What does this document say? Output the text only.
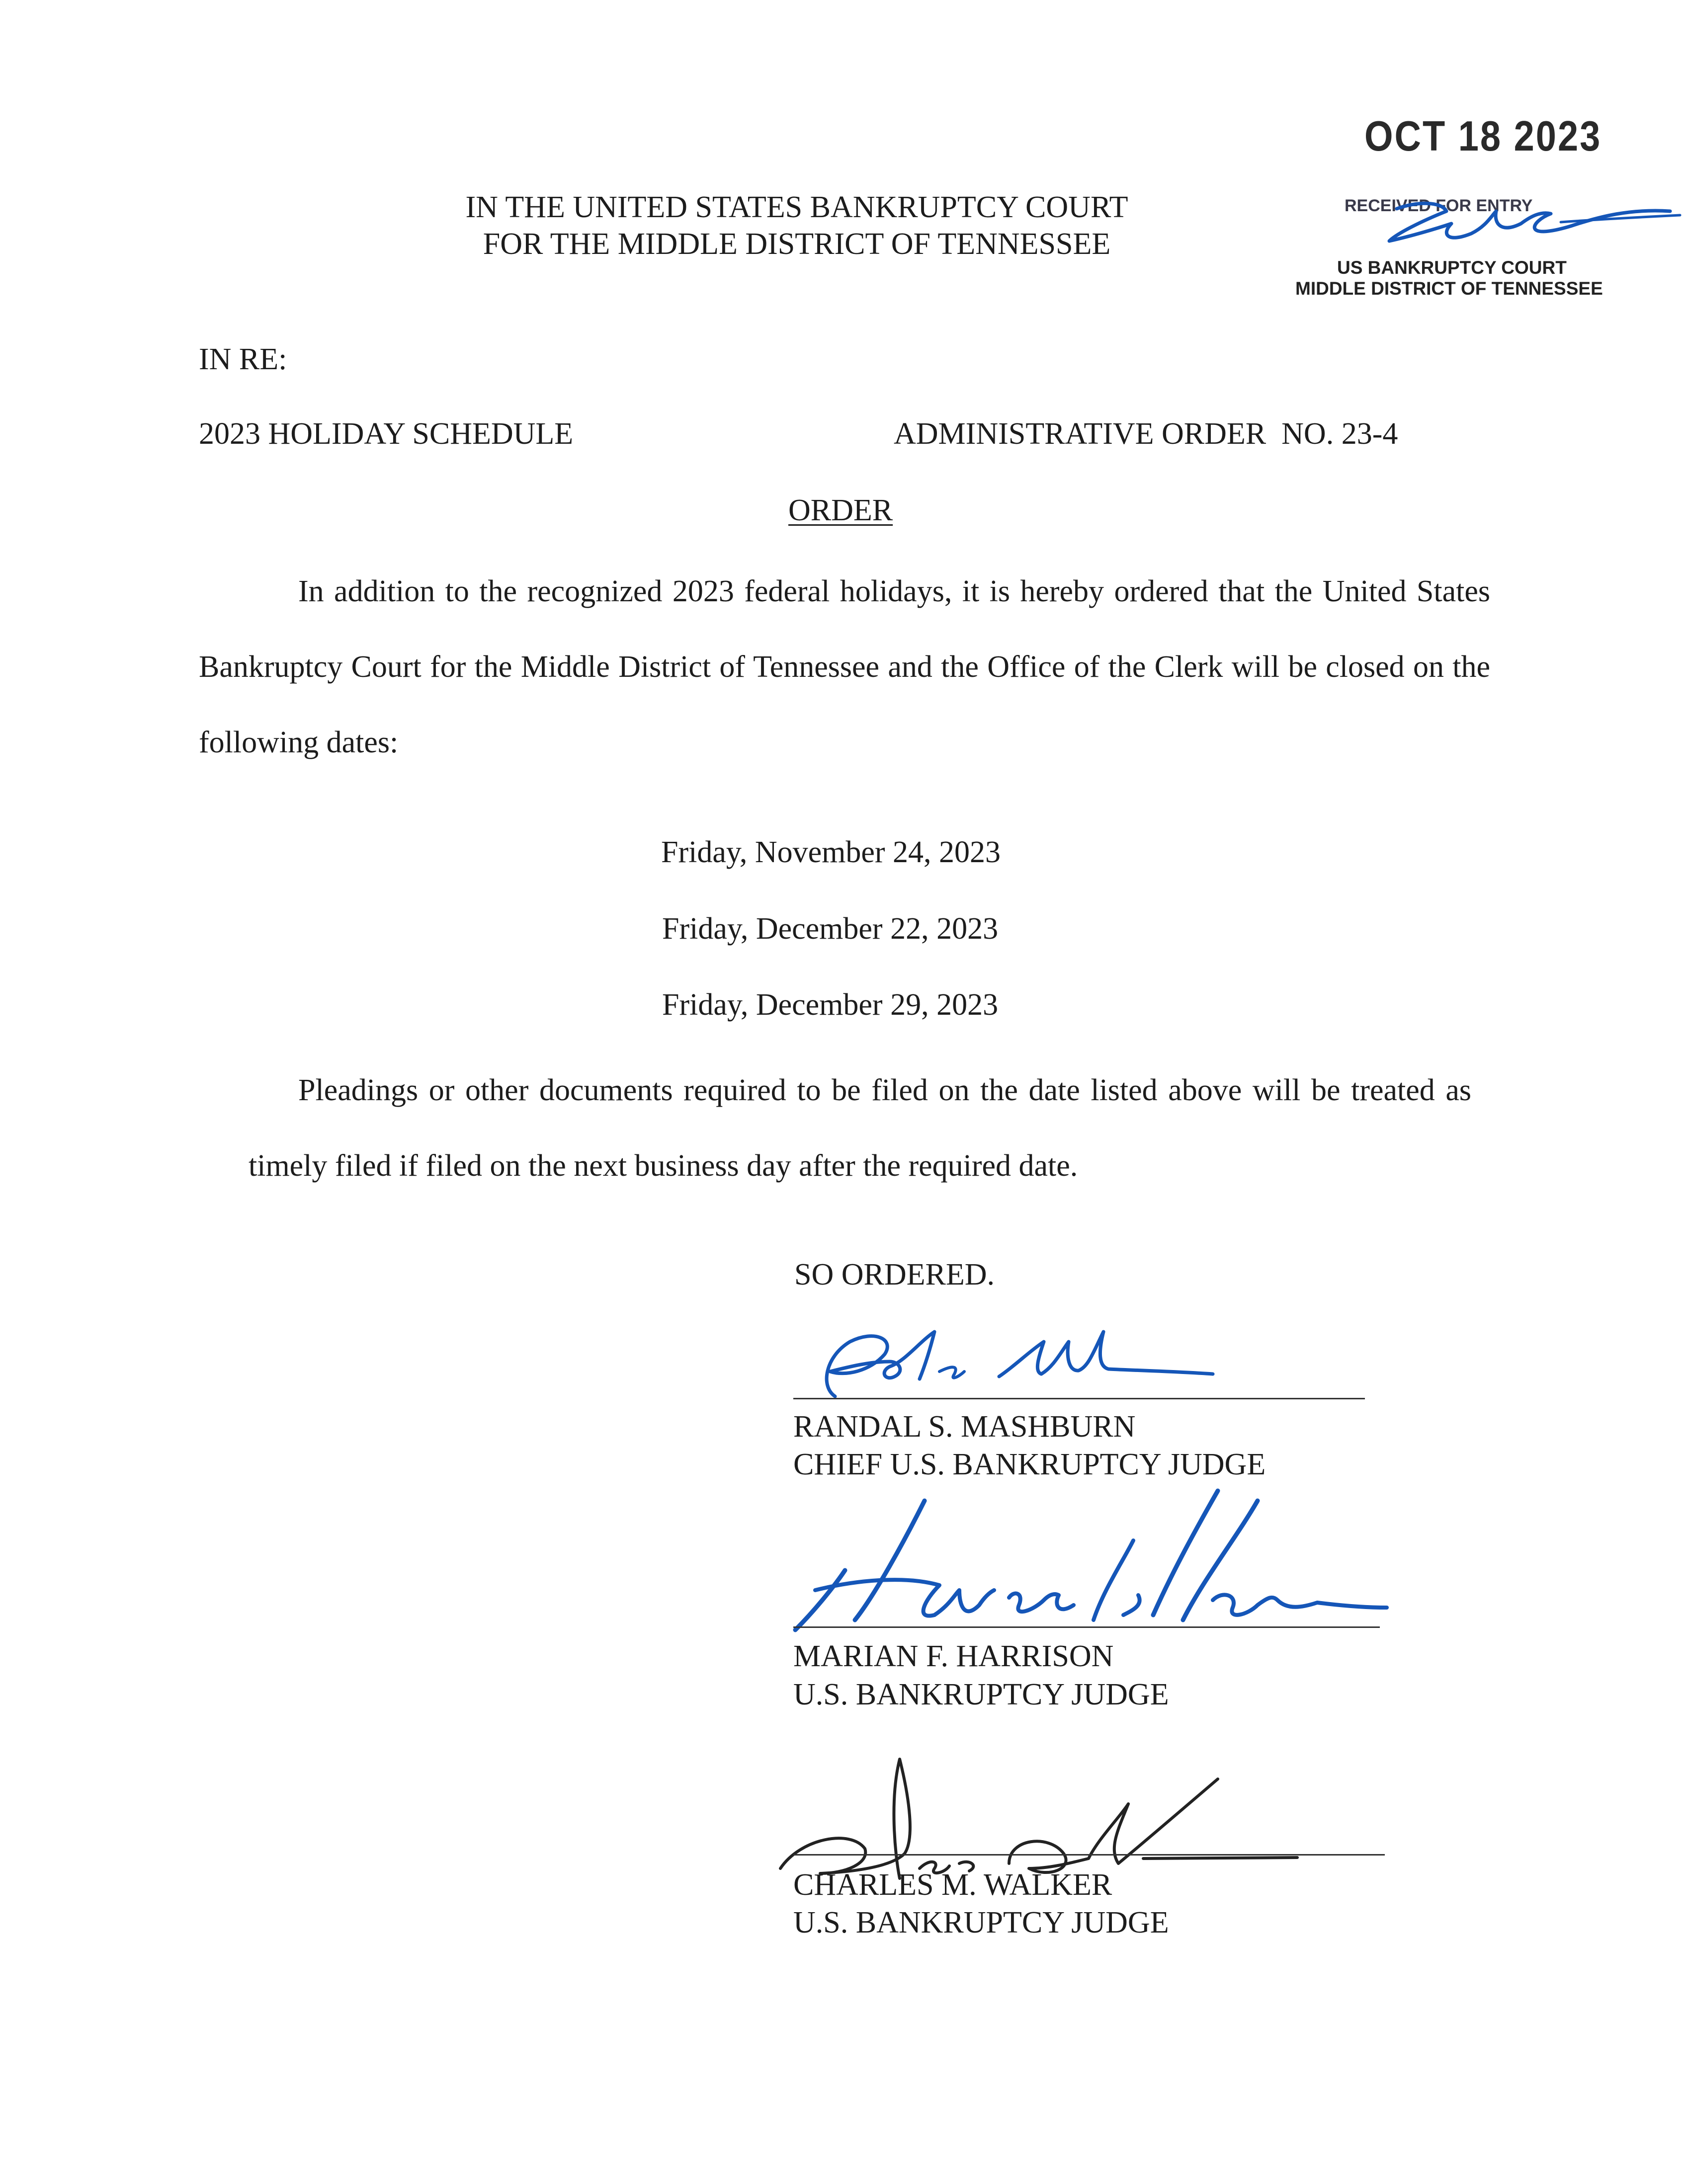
OCT 18 2023
RECEIVED FOR ENTRY
US BANKRUPTCY COURT
MIDDLE DISTRICT OF TENNESSEE
IN THE UNITED STATES BANKRUPTCY COURT
FOR THE MIDDLE DISTRICT OF TENNESSEE
IN RE:
2023 HOLIDAY SCHEDULE	ADMINISTRATIVE ORDER  NO. 23-4
ORDER
In addition to the recognized 2023 federal holidays, it is hereby ordered that the United States Bankruptcy Court for the Middle District of Tennessee and the Office of the Clerk will be closed on the following dates:
Friday, November 24, 2023
Friday, December 22, 2023
Friday, December 29, 2023
Pleadings or other documents required to be filed on the date listed above will be treated as timely filed if filed on the next business day after the required date.
SO ORDERED.
RANDAL S. MASHBURN
CHIEF U.S. BANKRUPTCY JUDGE
MARIAN F. HARRISON
U.S. BANKRUPTCY JUDGE
CHARLES M. WALKER
U.S. BANKRUPTCY JUDGE
